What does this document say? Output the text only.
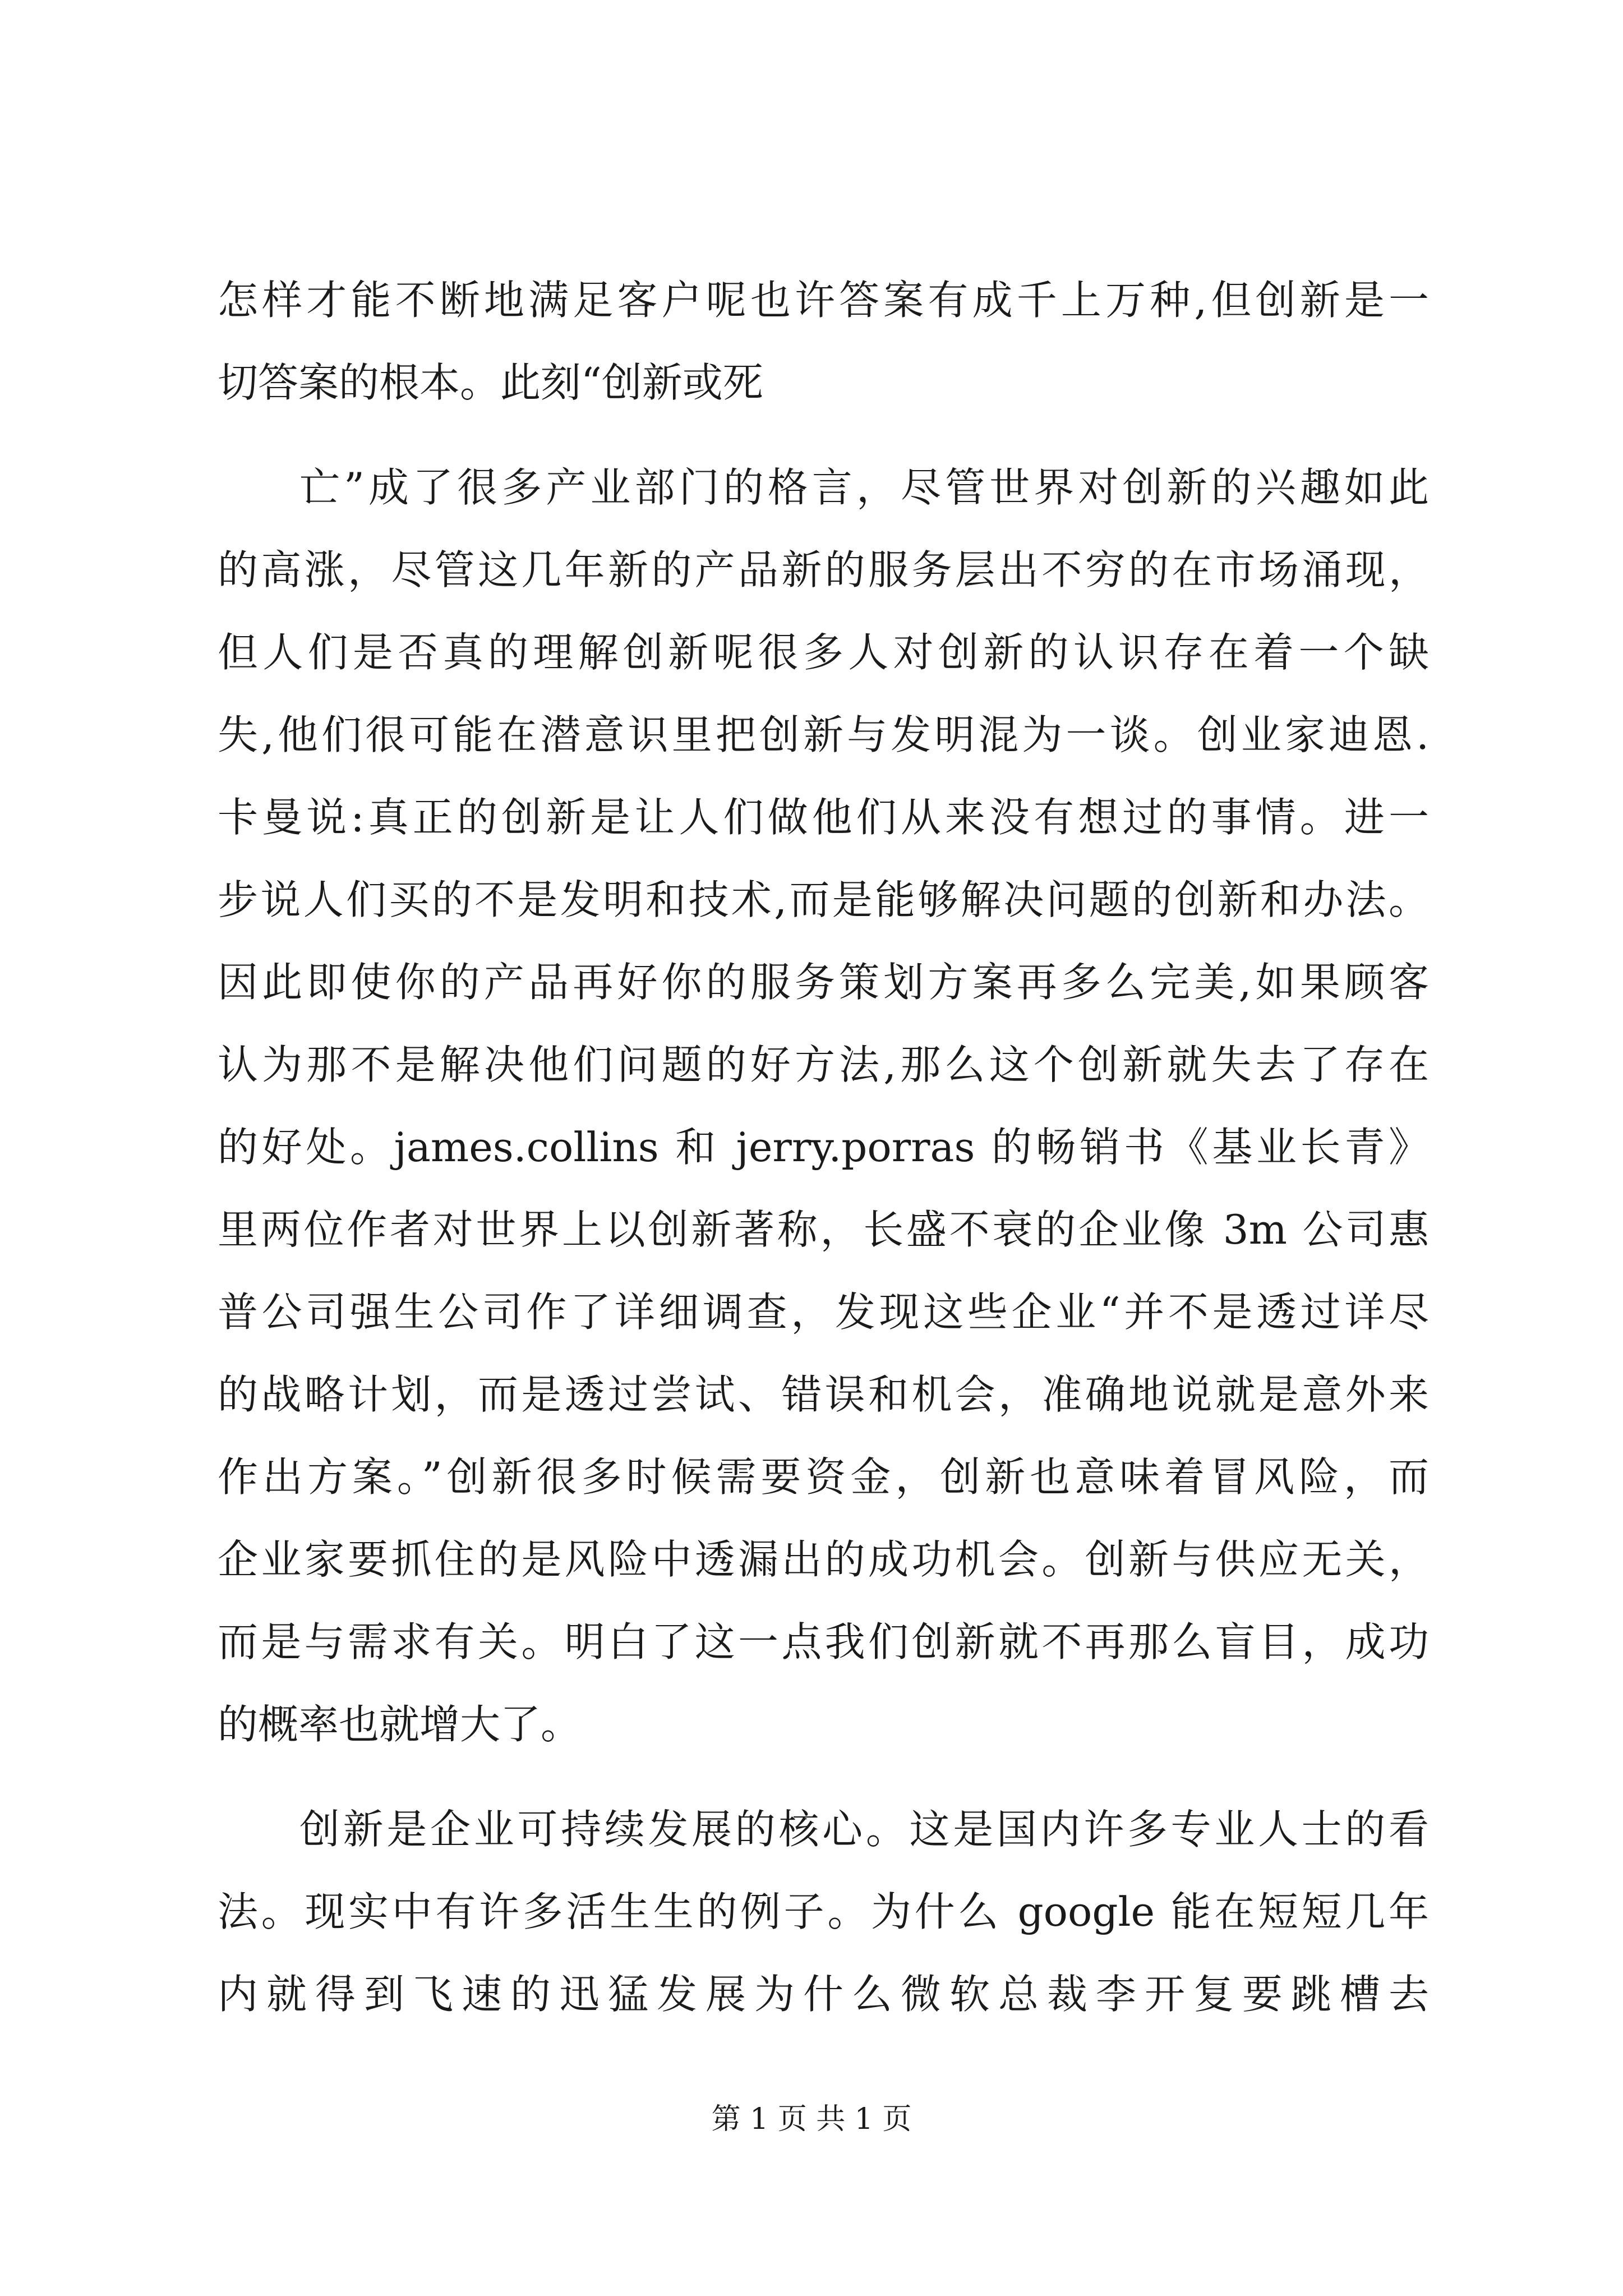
怎样才能不断地满足客户呢也许答案有成千上万种,但创新是一
切答案的根本。此刻“创新或死
亡”成了很多产业部门的格言，尽管世界对创新的兴趣如此
的高涨，尽管这几年新的产品新的服务层出不穷的在市场涌现，
但人们是否真的理解创新呢很多人对创新的认识存在着一个缺
失,他们很可能在潜意识里把创新与发明混为一谈。创业家迪恩.
卡曼说:真正的创新是让人们做他们从来没有想过的事情。进一
步说人们买的不是发明和技术,而是能够解决问题的创新和办法。
因此即使你的产品再好你的服务策划方案再多么完美,如果顾客
认为那不是解决他们问题的好方法,那么这个创新就失去了存在
的好处。james.collins 和 jerry.porras 的畅销书《基业长青》
里两位作者对世界上以创新著称，长盛不衰的企业像 3m 公司惠
普公司强生公司作了详细调查，发现这些企业“并不是透过详尽
的战略计划，而是透过尝试、错误和机会，准确地说就是意外来
作出方案。”创新很多时候需要资金，创新也意味着冒风险，而
企业家要抓住的是风险中透漏出的成功机会。创新与供应无关，
而是与需求有关。明白了这一点我们创新就不再那么盲目，成功
的概率也就增大了。
创新是企业可持续发展的核心。这是国内许多专业人士的看
法。现实中有许多活生生的例子。为什么 google 能在短短几年
内就得到飞速的迅猛发展为什么微软总裁李开复要跳槽去
第 1 页 共 1 页
